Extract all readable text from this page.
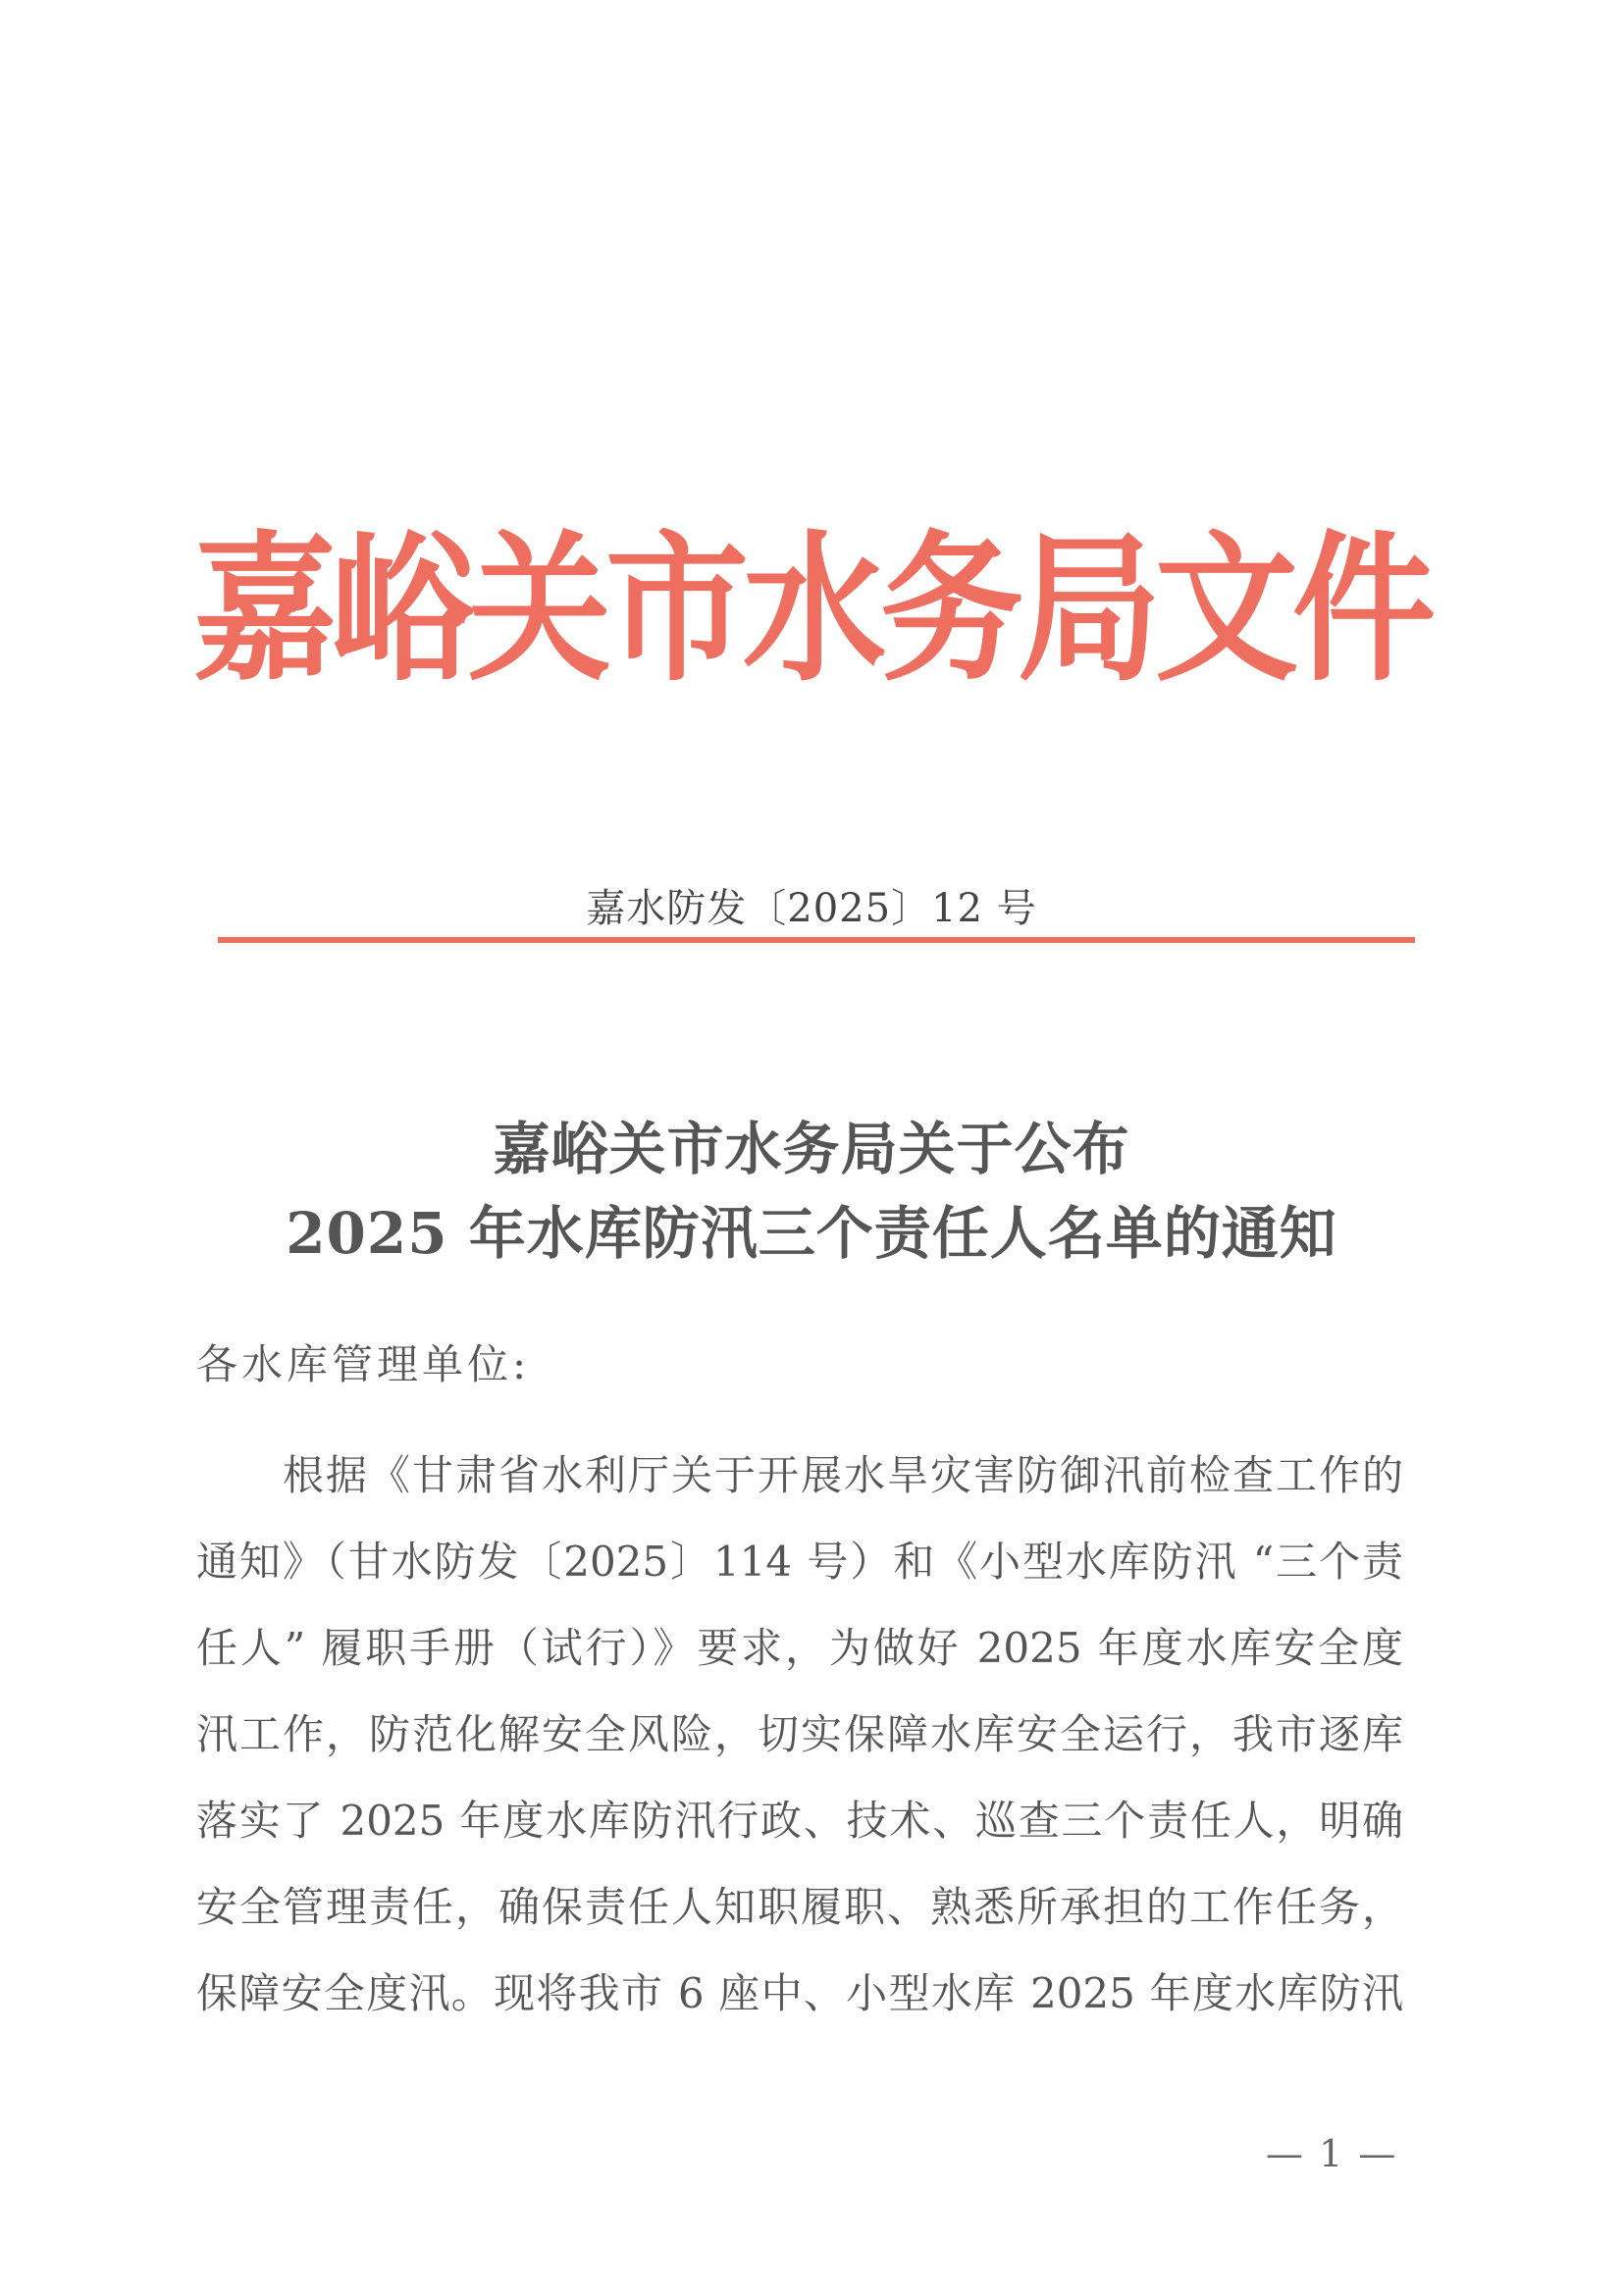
嘉峪关市水务局文件
嘉水防发〔2025〕12 号
嘉峪关市水务局关于公布
2025 年水库防汛三个责任人名单的通知
各水库管理单位:
根据《甘肃省水利厅关于开展水旱灾害防御汛前检查工作的
通知》（甘水防发〔2025〕114 号）和《小型水库防汛 “三个责
任人” 履职手册（试行）》要求，为做好 2025 年度水库安全度
汛工作，防范化解安全风险，切实保障水库安全运行，我市逐库
落实了 2025 年度水库防汛行政、技术、巡查三个责任人，明确
安全管理责任，确保责任人知职履职、熟悉所承担的工作任务，
保障安全度汛。现将我市 6 座中、小型水库 2025 年度水库防汛
— 1 —
